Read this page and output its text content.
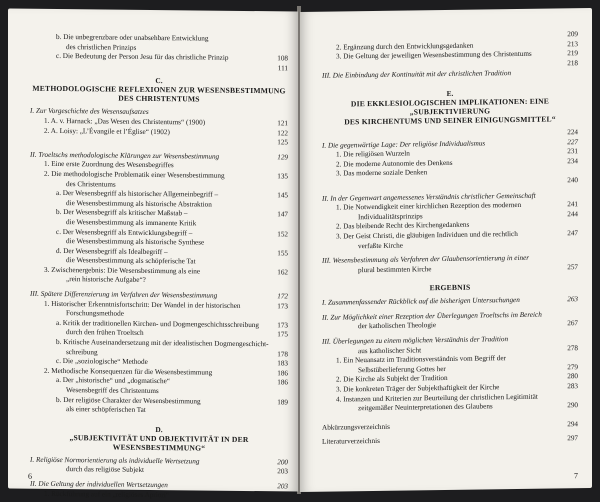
b. Die unbegrenzbare oder unabsehbare Entwicklung
des christlichen Prinzips
c. Die Bedeutung der Person Jesu für das christliche Prinzip	108
111
C.
METHODOLOGISCHE REFLEXIONEN ZUR WESENSBESTIMMUNG
DES CHRISTENTUMS
I. Zur Vorgeschichte des Wesensaufsatzes
1. A. v. Harnack: „Das Wesen des Christentums“ (1900)	121
2. A. Loisy: „L’Évangile et l’Église“ (1902)	122
125
II. Troeltschs methodologische Klärungen zur Wesensbestimmung	129
1. Eine erste Zuordnung des Wesensbegriffes
2. Die methodologische Problematik einer Wesensbestimmung	135
des Christentums
a. Der Wesensbegriff als historischer Allgemeinbegriff –	145
die Wesensbestimmung als historische Abstraktion
b. Der Wesensbegriff als kritischer Maßstab –	147
die Wesensbestimmung als immanente Kritik
c. Der Wesensbegriff als Entwicklungsbegriff –	152
die Wesensbestimmung als historische Synthese
d. Der Wesensbegriff als Idealbegriff –	155
die Wesensbestimmung als schöpferische Tat
3. Zwischenergebnis: Die Wesensbestimmung als eine	162
„rein historische Aufgabe“?
III. Spätere Differenzierung im Verfahren der Wesensbestimmung	172
1. Historischer Erkenntnisfortschritt: Der Wandel in der historischen	173
Forschungsmethode
a. Kritik der traditionellen Kirchen- und Dogmengeschichtsschreibung	173
durch den frühen Troeltsch	175
b. Kritische Auseinandersetzung mit der idealistischen Dogmengeschicht-
schreibung	178
c. Die „soziologische“ Methode	183
2. Methodische Konsequenzen für die Wesensbestimmung	186
a. Der „historische“ und „dogmatische“	186
Wesensbegriff des Christentums
b. Der religiöse Charakter der Wesensbestimmung	189
als einer schöpferischen Tat
D.
„SUBJEKTIVITÄT UND OBJEKTIVITÄT IN DER WESENSBESTIMMUNG“
I. Religiöse Normorientierung als individuelle Wertsetzung	200
durch das religiöse Subjekt	203
II. Die Geltung der individuellen Wertsetzungen	203
1. Rückführung auf ein „religiöses Apriori“
6
209
2. Ergänzung durch den Entwicklungsgedanken	213
3. Die Geltung der jeweiligen Wesensbestimmung des Christentums	219
218
III. Die Einbindung der Kontinuität mit der christlichen Tradition
E.
DIE EKKLESIOLOGISCHEN IMPLIKATIONEN: EINE „SUBJEKTIVIERUNG
DES KIRCHENTUMS UND SEINER EINIGUNGSMITTEL“
224
I. Die gegenwärtige Lage: Der religiöse Individualismus	227
1. Die religiösen Wurzeln	231
2. Die moderne Autonomie des Denkens	234
3. Das moderne soziale Denken
240
II. In der Gegenwart angemessenes Verständnis christlicher Gemeinschaft
1. Die Notwendigkeit einer kirchlichen Rezeption des modernen	241
Individualitätsprinzips	244
2. Das bleibende Recht des Kirchengedankens
3. Der Geist Christi, die gläubigen Individuen und die rechtlich	247
verfaßte Kirche
III. Wesensbestimmung als Verfahren der Glaubensorientierung in einer
plural bestimmten Kirche	257
ERGEBNIS
I. Zusammenfassender Rückblick auf die bisherigen Untersuchungen	263
II. Zur Möglichkeit einer Rezeption der Überlegungen Troeltschs im Bereich
der katholischen Theologie	267
III. Überlegungen zu einem möglichen Verständnis der Tradition
aus katholischer Sicht	278
1. Ein Neuansatz im Traditionsverständnis vom Begriff der
Selbstüberlieferung Gottes her	279
2. Die Kirche als Subjekt der Tradition	280
3. Die konkreten Träger der Subjekthaftigkeit der Kirche	283
4. Instanzen und Kriterien zur Beurteilung der christlichen Legitimität
zeitgemäßer Neuinterpretationen des Glaubens	290
Abkürzungsverzeichnis	294
Literaturverzeichnis	297
7
